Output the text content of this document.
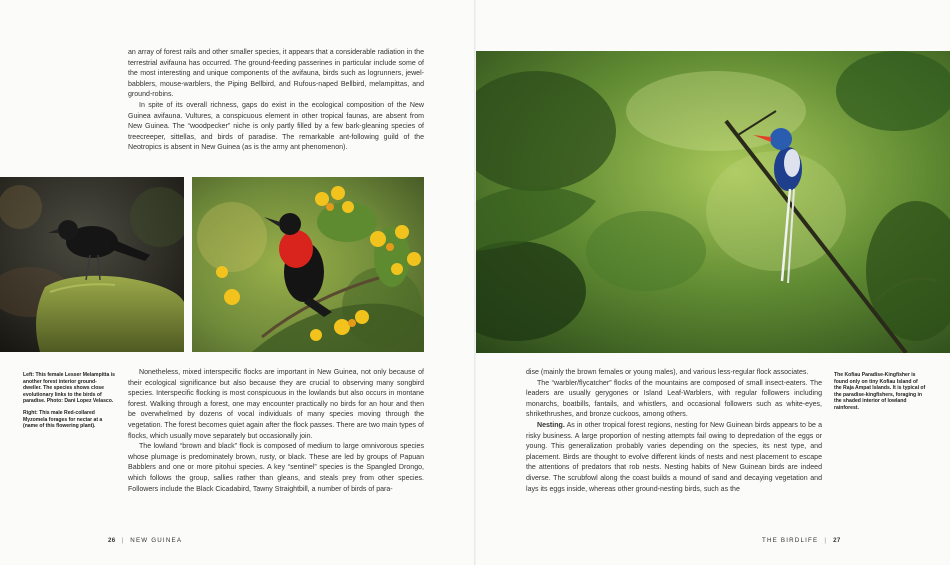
an array of forest rails and other smaller species, it appears that a considerable radiation in the terrestrial avifauna has occurred. The ground-feeding passerines in particular include some of the most interesting and unique components of the avifauna, birds such as logrunners, jewel-babblers, mouse-warblers, the Piping Bellbird, and Rufous-naped Bellbird, melampittas, and ground-robins.

In spite of its overall richness, gaps do exist in the ecological composition of the New Guinea avifauna. Vultures, a conspicuous element in other tropical faunas, are absent from New Guinea. The “woodpecker” niche is only partly filled by a few bark-gleaning species of treecreeper, sittellas, and birds of paradise. The remarkable ant-following guild of the Neotropics is absent in New Guinea (as is the army ant phenomenon).

Left: This female Lesser Melampitta is another forest interior ground-dweller. The species shows close evolutionary links to the birds of paradise. Photo: Dani Lopez Velasco.

Right: This male Red-collared Myzomela forages for nectar at a (name of this flowering plant).

Nonetheless, mixed interspecific flocks are important in New Guinea, not only because of their ecological significance but also because they are crucial to observing many songbird species. Interspecific flocking is most conspicuous in the lowlands but also occurs in montane forest. Walking through a forest, one may encounter practically no birds for an hour and then be overwhelmed by dozens of vocal individuals of many species moving through the vegetation. The forest becomes quiet again after the flock passes. There are two main types of flocks, which usually move separately but occasionally join.

The lowland “brown and black” flock is composed of medium to large omnivorous species whose plumage is predominately brown, rusty, or black. These are led by groups of Papuan Babblers and one or more pitohui species. A key “sentinel” species is the Spangled Drongo, which follows the group, sallies rather than gleans, and steals prey from other species. Followers include the Black Cicadabird, Tawny Straightbill, a number of birds of para-

26 | NEW GUINEA

dise (mainly the brown females or young males), and various less-regular flock associates.

The “warbler/flycatcher” flocks of the mountains are composed of small insect-eaters. The leaders are usually gerygones or Island Leaf-Warblers, with regular followers including monarchs, boatbills, fantails, and whistlers, and occasional followers such as white-eyes, shrikethrushes, and bronze cuckoos, among others.

Nesting. As in other tropical forest regions, nesting for New Guinean birds appears to be a risky business. A large proportion of nesting attempts fail owing to depredation of the eggs or young. This generalization probably varies depending on the species, its nest type, and placement. Birds are thought to evolve different kinds of nests and nest placement to escape the attentions of predators that rob nests. Nesting habits of New Guinean birds are indeed diverse. The scrubfowl along the coast builds a mound of sand and decaying vegetation and lays its eggs inside, whereas other ground-nesting birds, such as the

The Kofiau Paradise-Kingfisher is found only on tiny Kofiau Island of the Raja Ampat Islands. It is typical of the paradise-kingfishers, foraging in the shaded interior of lowland rainforest.

THE BIRDLIFE | 27
